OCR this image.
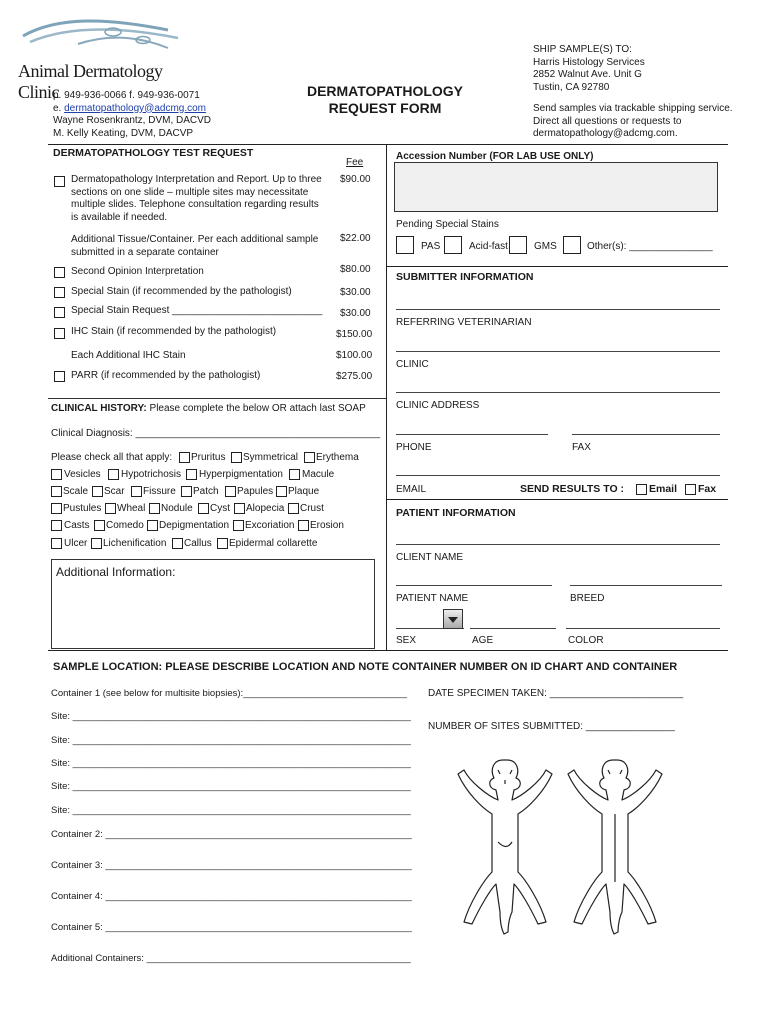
Animal Dermatology Clinic
p. 949-936-0066 f. 949-936-0071
e. dermatopathology@adcmg.com
Wayne Rosenkrantz, DVM, DACVD
M. Kelly Keating, DVM, DACVP
DERMATOPATHOLOGY
REQUEST FORM
SHIP SAMPLE(S) TO:
Harris Histology Services
2852 Walnut Ave. Unit G
Tustin, CA 92780
Send samples via trackable shipping service.
Direct all questions or requests to
dermatopathology@adcmg.com.
DERMATOPATHOLOGY TEST REQUEST
Fee
Dermatopathology Interpretation and Report. Up to three
sections on one slide – multiple sites may necessitate
multiple slides. Telephone consultation regarding results
is available if needed.
$90.00
Additional Tissue/Container. Per each additional sample
submitted in a separate container
$22.00
Second Opinion Interpretation	$80.00
Special Stain (if recommended by the pathologist)	$30.00
Special Stain Request ___________________________ $30.00
IHC Stain (if recommended by the pathologist)	$150.00
Each Additional IHC Stain	$100.00
PARR (if recommended by the pathologist)	$275.00
Accession Number (FOR LAB USE ONLY)
Pending Special Stains
PAS	Acid-fast	GMS	Other(s): _______________
SUBMITTER INFORMATION
REFERRING VETERINARIAN
CLINIC
CLINIC ADDRESS
PHONE	FAX
EMAIL	SEND RESULTS TO : Email Fax
PATIENT INFORMATION
CLIENT NAME
PATIENT NAME	BREED
SEX	AGE	COLOR
CLINICAL HISTORY: Please complete the below OR attach last SOAP
Clinical Diagnosis: ____________________________________________
Please check all that apply: Pruritus Symmetrical Erythema
Vesicles Hypotrichosis Hyperpigmentation Macule
Scale Scar Fissure Patch Papules Plaque
Pustules Wheal Nodule Cyst Alopecia Crust
Casts Comedo Depigmentation Excoriation Erosion
Ulcer Lichenification Callus Epidermal collarette
Additional Information:
SAMPLE LOCATION: PLEASE DESCRIBE LOCATION AND NOTE CONTAINER NUMBER ON ID CHART AND CONTAINER
Container 1 (see below for multisite biopsies):_______________________________
Site: ________________________________________________________________
Site: ________________________________________________________________
Site: ________________________________________________________________
Site: ________________________________________________________________
Site: ________________________________________________________________
Container 2: __________________________________________________________
Container 3: __________________________________________________________
Container 4: __________________________________________________________
Container 5: __________________________________________________________
Additional Containers: __________________________________________________
DATE SPECIMEN TAKEN: ________________________
NUMBER OF SITES SUBMITTED: ________________
